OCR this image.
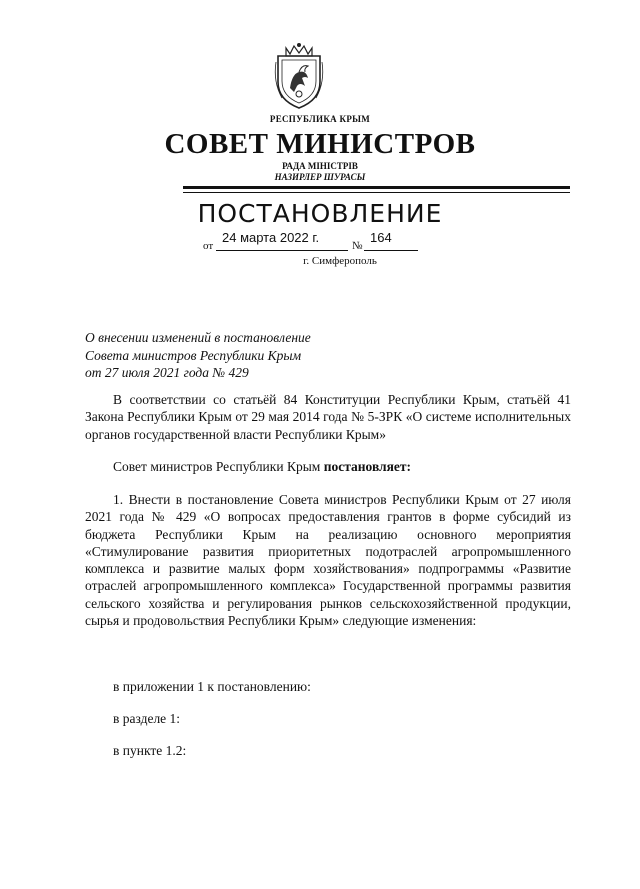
РЕСПУБЛИКА КРЫМ
СОВЕТ МИНИСТРОВ
РАДА МІНІСТРІВ
НАЗИРЛЕР ШУРАСЫ
ПОСТАНОВЛЕНИЕ
от
24 марта 2022 г.
№
164
г. Симферополь
О внесении изменений в постановление
Совета министров Республики Крым
от 27 июля 2021 года № 429
В соответствии со статьёй 84 Конституции Республики Крым, статьёй 41 Закона Республики Крым от 29 мая 2014 года № 5-ЗРК «О системе исполнительных органов государственной власти Республики Крым»
Совет министров Республики Крым постановляет:
1. Внести в постановление Совета министров Республики Крым от 27 июля 2021 года № 429 «О вопросах предоставления грантов в форме субсидий из бюджета Республики Крым на реализацию основного мероприятия «Стимулирование развития приоритетных подотраслей агропромышленного комплекса и развитие малых форм хозяйствования» подпрограммы «Развитие отраслей агропромышленного комплекса» Государственной программы развития сельского хозяйства и регулирования рынков сельскохозяйственной продукции, сырья и продовольствия Республики Крым» следующие изменения:
в приложении 1 к постановлению:
в разделе 1:
в пункте 1.2:
